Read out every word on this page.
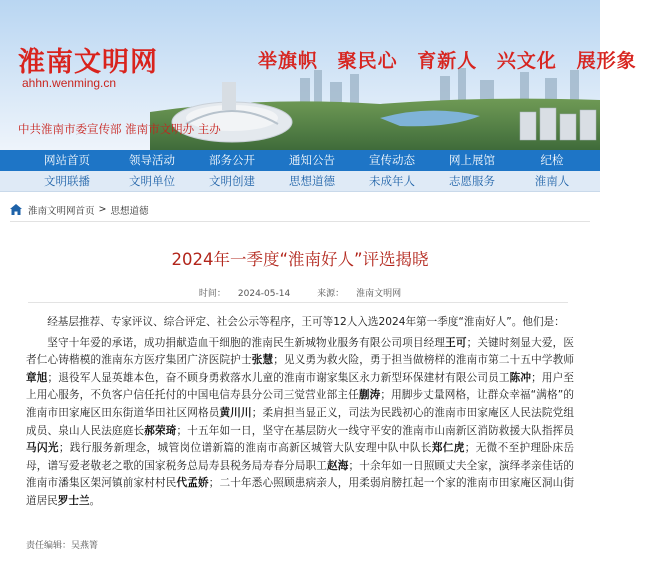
淮南文明网
ahhn.wenming.cn
举旗帜 聚民心 育新人 兴文化 展形象
中共淮南市委宣传部 淮南市文明办 主办
网站首页	领导活动	部务公开	通知公告	宣传动态	网上展馆	纪检
文明联播	文明单位	文明创建	思想道德	未成年人	志愿服务	淮南人
淮南文明网首页 > 思想道德
2024年一季度“淮南好人”评选揭晓
时间： 2024-05-14	来源： 淮南文明网
经基层推荐、专家评议、综合评定、社会公示等程序，王可等12人入选2024年第一季度“淮南好人”。他们是：

坚守十年爱的承诺，成功捐献造血干细胞的淮南民生新城物业服务有限公司项目经理王可；关键时刻显大爱，医者仁心铸楷模的淮南东方医疗集团广济医院护士张慧；见义勇为救火险，勇于担当做榜样的淮南市第二十五中学教师章旭；退役军人显英雄本色，奋不顾身勇救落水儿童的淮南市谢家集区永力新型环保建材有限公司员工陈冲；用户至上用心服务，不负客户信任托付的中国电信寿县分公司三觉营业部主任蒯涛；用脚步丈量网格，让群众幸福“满格”的淮南市田家庵区田东街道华田社区网格员黄川川；柔肩担当显正义，司法为民践初心的淮南市田家庵区人民法院党组成员、泉山人民法庭庭长郝荣琦；十五年如一日，坚守在基层防火一线守平安的淮南市山南新区消防救援大队指挥员马闪光；践行服务新理念，城管岗位谱新篇的淮南市高新区城管大队安理中队中队长郑仁虎；无微不至护理卧床岳母，谱写爱老敬老之歌的国家税务总局寿县税务局寿春分局职工赵海；十余年如一日照顾丈夫全家，演绎孝亲佳话的淮南市潘集区架河镇前家村村民代孟娇；二十年悉心照顾患病亲人，用柔弱肩膀扛起一个家的淮南市田家庵区洞山街道居民罗士兰。

责任编辑：吴燕箐
